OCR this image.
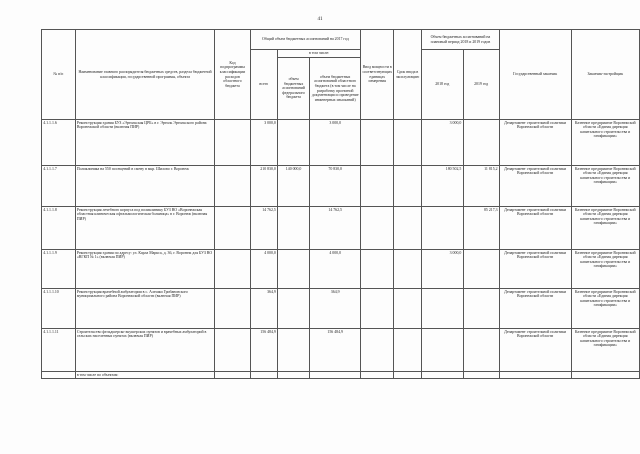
41
№ п/п	Наименование главного распорядителя бюджетных средств, раздела бюджетной классификации, государственной программы, объекта	Код подпрограммы классификации расходов областного бюджета	Общий объем бюджетных ассигнований на 2017 год			Ввод мощности в соответствующих единицах измерения	Срок ввода в эксплуатацию	Объем бюджетных ассигнований на плановый период 2018 и 2019 годов		Государственный заказчик	Заказчик-застройщик
			всего	в том числе:				2018 год	2019 год		
				объем бюджетных ассигнований федерального бюджета	объем бюджетных ассигнований областного бюджета (в том числе на разработку проектной документации и проведение инженерных изысканий)						
4.1.1.1.6	Реконструкция здания БУЗ «Эртильская ЦРБ» в г. Эртиль Эртильского района Воронежской области (включая ПИР)		3 000,0		3 000,0			3 000,0		Департамент строительной политики Воронежской области	Казенное предприятие Воронежской области «Единая дирекция капитального строительства и газификации»
4.1.1.1.7	Поликлиника на 550 посещений в смену в мкр. Шилово г. Воронеж		210 830,0	140 000,0	70 830,0			180 502,5	11 815,2	Департамент строительной политики Воронежской области	Казенное предприятие Воронежской области «Единая дирекция капитального строительства и газификации»
4.1.1.1.8	Реконструкция лечебного корпуса под поликлинику БУЗ ВО «Воронежская областная клиническая офтальмологическая больница» в г. Воронеж (включая ПИР)		14 762,5		14 762,5				85 217,3	Департамент строительной политики Воронежской области	Казенное предприятие Воронежской области «Единая дирекция капитального строительства и газификации»
4.1.1.1.9	Реконструкция здания по адресу: ул. Карла Маркса, д. 36, г. Воронеж для БУЗ ВО «ВГКП № 1» (включая ПИР)		4 000,0		4 000,0			3 000,0		Департамент строительной политики Воронежской области	Казенное предприятие Воронежской области «Единая дирекция капитального строительства и газификации»
4.1.1.1.10	Реконструкция врачебной амбулатории в с. Алешки Грибановского муниципального района Воронежской области (включая ПИР)		364,9		364,9					Департамент строительной политики Воронежской области	Казенное предприятие Воронежской области «Единая дирекция капитального строительства и газификации»
4.1.1.1.11	Строительство фельдшерско-акушерских пунктов и врачебных амбулаторий в сельских населенных пунктах (включая ПИР)		156 484,9		156 484,9					Департамент строительной политики Воронежской области	Казенное предприятие Воронежской области «Единая дирекция капитального строительства и газификации»
	в том числе по объектам:										
